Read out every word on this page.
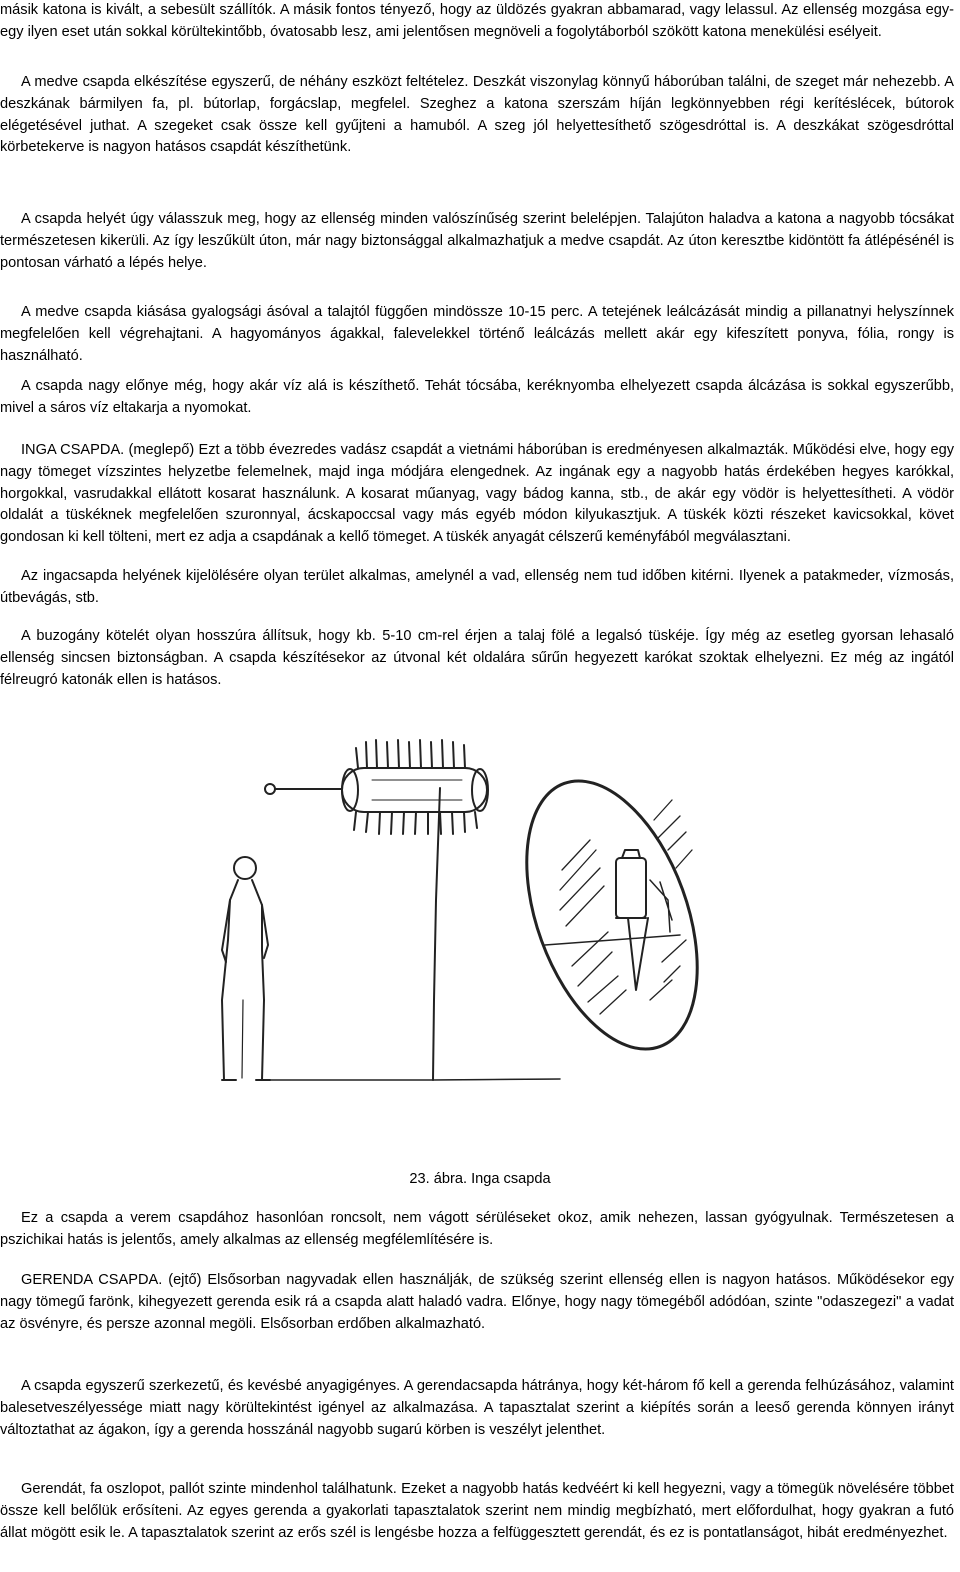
másik katona is kivált, a sebesült szállítók. A másik fontos tényező, hogy az üldözés gyakran abbamarad, vagy lelassul. Az ellenség mozgása egy-egy ilyen eset után sokkal körültekintőbb, óvatosabb lesz, ami jelentősen megnöveli a fogolytáborból szökött katona menekülési esélyeit.

A medve csapda elkészítése egyszerű, de néhány eszközt feltételez. Deszkát viszonylag könnyű háborúban találni, de szeget már nehezebb. A deszkának bármilyen fa, pl. bútorlap, forgácslap, megfelel. Szeghez a katona szerszám híján legkönnyebben régi kerítéslécek, bútorok elégetésével juthat. A szegeket csak össze kell gyűjteni a hamuból. A szeg jól helyettesíthető szögesdróttal is. A deszkákat szögesdróttal körbetekerve is nagyon hatásos csapdát készíthetünk.

A csapda helyét úgy válasszuk meg, hogy az ellenség minden valószínűség szerint belelépjen. Talajúton haladva a katona a nagyobb tócsákat természetesen kikerüli. Az így leszűkült úton, már nagy biztonsággal alkalmazhatjuk a medve csapdát. Az úton keresztbe kidöntött fa átlépésénél is pontosan várható a lépés helye.

A medve csapda kiásása gyalogsági ásóval a talajtól függően mindössze 10-15 perc. A tetejének leálcázását mindig a pillanatnyi helyszínnek megfelelően kell végrehajtani. A hagyományos ágakkal, falevelekkel történő leálcázás mellett akár egy kifeszített ponyva, fólia, rongy is használható.

A csapda nagy előnye még, hogy akár víz alá is készíthető. Tehát tócsába, keréknyomba elhelyezett csapda álcázása is sokkal egyszerűbb, mivel a sáros víz eltakarja a nyomokat.

INGA CSAPDA. (meglepő) Ezt a több évezredes vadász csapdát a vietnámi háborúban is eredményesen alkalmazták. Működési elve, hogy egy nagy tömeget vízszintes helyzetbe felemelnek, majd inga módjára elengednek. Az ingának egy a nagyobb hatás érdekében hegyes karókkal, horgokkal, vasrudakkal ellátott kosarat használunk. A kosarat műanyag, vagy bádog kanna, stb., de akár egy vödör is helyettesítheti. A vödör oldalát a tüskéknek megfelelően szuronnyal, ácskapoccsal vagy más egyéb módon kilyukasztjuk. A tüskék közti részeket kavicsokkal, követ gondosan ki kell tölteni, mert ez adja a csapdának a kellő tömeget. A tüskék anyagát célszerű keményfából megválasztani.

Az ingacsapda helyének kijelölésére olyan terület alkalmas, amelynél a vad, ellenség nem tud időben kitérni. Ilyenek a patakmeder, vízmosás, útbevágás, stb.

A buzogány kötelét olyan hosszúra állítsuk, hogy kb. 5-10 cm-rel érjen a talaj fölé a legalsó tüskéje. Így még az esetleg gyorsan lehasaló ellenség sincsen biztonságban. A csapda készítésekor az útvonal két oldalára sűrűn hegyezett karókat szoktak elhelyezni. Ez még az ingától félreugró katonák ellen is hatásos.

23. ábra. Inga csapda

Ez a csapda a verem csapdához hasonlóan roncsolt, nem vágott sérüléseket okoz, amik nehezen, lassan gyógyulnak. Természetesen a pszichikai hatás is jelentős, amely alkalmas az ellenség megfélemlítésére is.

GERENDA CSAPDA. (ejtő) Elsősorban nagyvadak ellen használják, de szükség szerint ellenség ellen is nagyon hatásos. Működésekor egy nagy tömegű farönk, kihegyezett gerenda esik rá a csapda alatt haladó vadra. Előnye, hogy nagy tömegéből adódóan, szinte "odaszegezi" a vadat az ösvényre, és persze azonnal megöli. Elsősorban erdőben alkalmazható.

A csapda egyszerű szerkezetű, és kevésbé anyagigényes. A gerendacsapda hátránya, hogy két-három fő kell a gerenda felhúzásához, valamint balesetveszélyessége miatt nagy körültekintést igényel az alkalmazása. A tapasztalat szerint a kiépítés során a leeső gerenda könnyen irányt változtathat az ágakon, így a gerenda hosszánál nagyobb sugarú körben is veszélyt jelenthet.

Gerendát, fa oszlopot, pallót szinte mindenhol találhatunk. Ezeket a nagyobb hatás kedvéért ki kell hegyezni, vagy a tömegük növelésére többet össze kell belőlük erősíteni. Az egyes gerenda a gyakorlati tapasztalatok szerint nem mindig megbízható, mert előfordulhat, hogy gyakran a futó állat mögött esik le. A tapasztalatok szerint az erős szél is lengésbe hozza a felfüggesztett gerendát, és ez is pontatlanságot, hibát eredményezhet.
